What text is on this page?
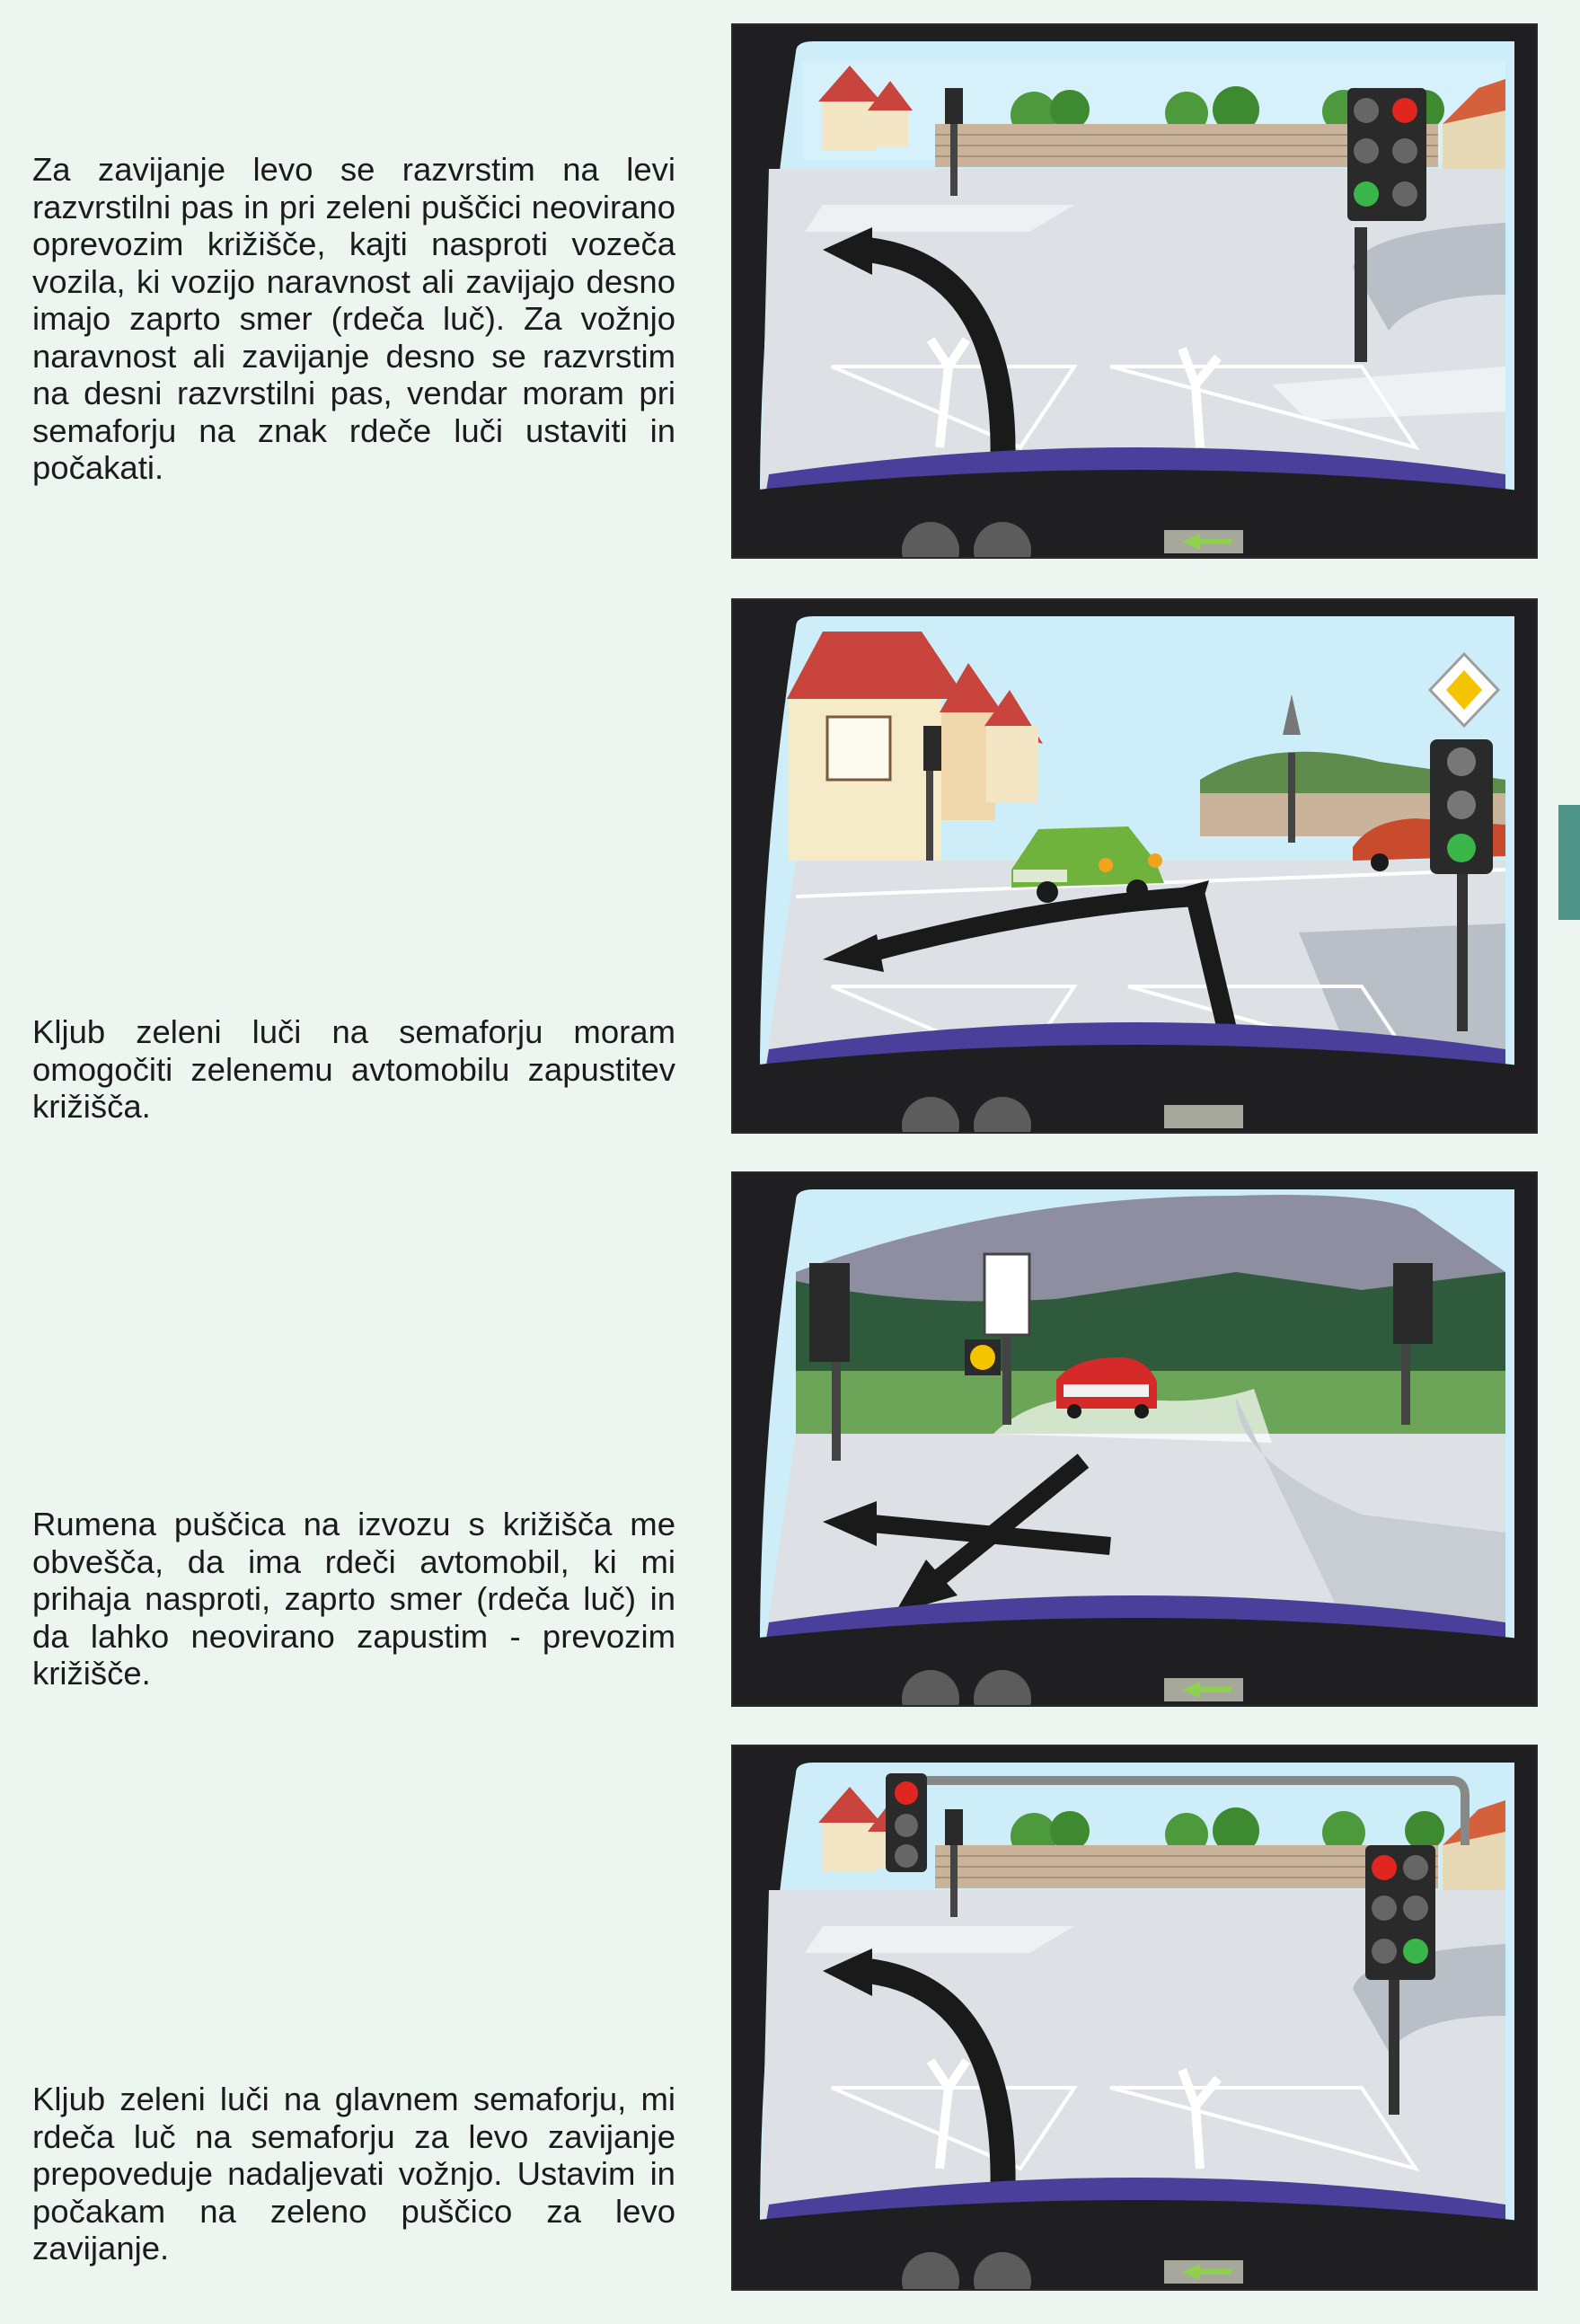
Za zavijanje levo se razvrstim na levi razvrstilni pas in pri zeleni puščici neovirano oprevozim križišče, kajti nasproti vozeča vozila, ki vozijo naravnost ali zavijajo desno imajo zaprto smer (rdeča luč). Za vožnjo naravnost ali zavijanje desno se razvrstim na desni razvrstilni pas, vendar moram pri semaforju na znak rdeče luči ustaviti in počakati.

Kljub zeleni luči na semaforju moram omogočiti zelenemu avtomobilu zapustitev križišča.

Rumena puščica na izvozu s križišča me obvešča, da ima rdeči avtomobil, ki mi prihaja nasproti, zaprto smer (rdeča luč) in da lahko neovirano zapustim - prevozim križišče.

Kljub zeleni luči na glavnem semaforju, mi rdeča luč na semaforju za levo zavijanje prepoveduje nadaljevati vožnjo. Ustavim in počakam na zeleno puščico za levo zavijanje.
